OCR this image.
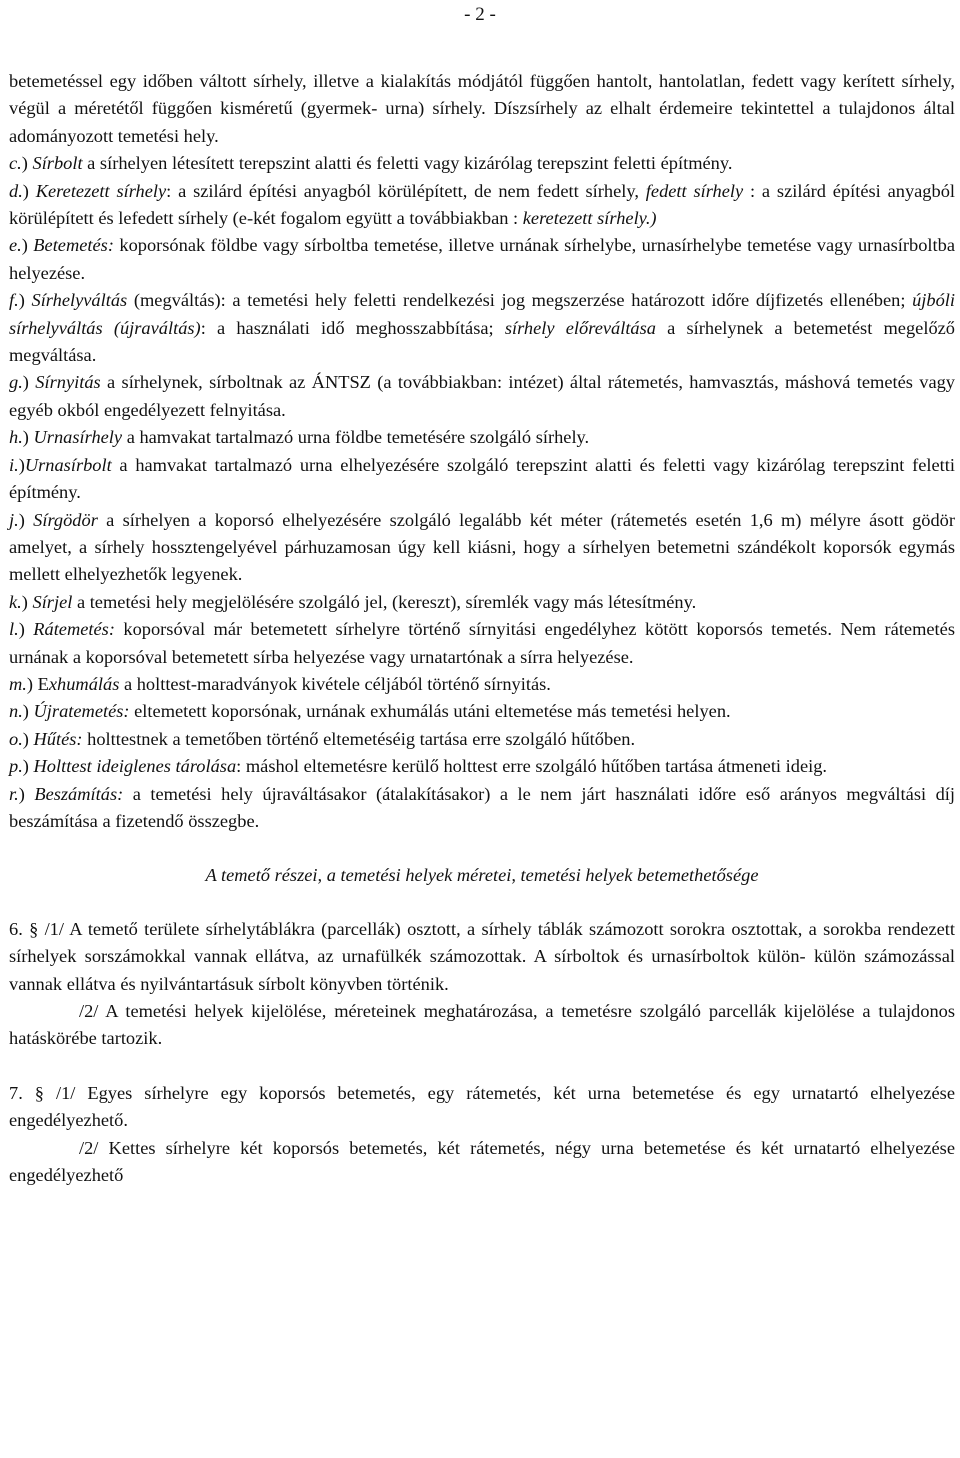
- 2 -

betemetéssel egy időben váltott sírhely, illetve a kialakítás módjától függően hantolt, hantolatlan, fedett vagy kerített sírhely, végül a méretétől függően kisméretű (gyermek- urna) sírhely. Díszsírhely az elhalt érdemeire tekintettel a tulajdonos által adományozott temetési hely.

c.) Sírbolt a sírhelyen létesített terepszint alatti és feletti vagy kizárólag terepszint feletti építmény.

d.) Keretezett sírhely: a szilárd építési anyagból körülépített, de nem fedett sírhely, fedett sírhely : a szilárd építési anyagból körülépített és lefedett sírhely (e-két fogalom együtt a továbbiakban : keretezett sírhely.)

e.) Betemetés: koporsónak földbe vagy sírboltba temetése, illetve urnának sírhelybe, urnasírhelybe temetése vagy urnasírboltba helyezése.

f.) Sírhelyváltás (megváltás): a temetési hely feletti rendelkezési jog megszerzése határozott időre díjfizetés ellenében; újbóli sírhelyváltás (újraváltás): a használati idő meghosszabbítása; sírhely előreváltása a sírhelynek a betemetést megelőző megváltása.

g.) Sírnyitás a sírhelynek, sírboltnak az ÁNTSZ (a továbbiakban: intézet) által rátemetés, hamvasztás, máshová temetés vagy egyéb okból engedélyezett felnyitása.

h.) Urnasírhely a hamvakat tartalmazó urna földbe temetésére szolgáló sírhely.

i.)Urnasírbolt a hamvakat tartalmazó urna elhelyezésére szolgáló terepszint alatti és feletti vagy kizárólag terepszint feletti építmény.

j.) Sírgödör a sírhelyen a koporsó elhelyezésére szolgáló legalább két méter (rátemetés esetén 1,6 m) mélyre ásott gödör amelyet, a sírhely hossztengelyével párhuzamosan úgy kell kiásni, hogy a sírhelyen betemetni szándékolt koporsók egymás mellett elhelyezhetők legyenek.

k.) Sírjel a temetési hely megjelölésére szolgáló jel, (kereszt), síremlék vagy más létesítmény.

l.) Rátemetés: koporsóval már betemetett sírhelyre történő sírnyitási engedélyhez kötött koporsós temetés. Nem rátemetés urnának a koporsóval betemetett sírba helyezése vagy urnatartónak a sírra helyezése.

m.) Exhumálás a holttest-maradványok kivétele céljából történő sírnyitás.

n.) Újratemetés: eltemetett koporsónak, urnának exhumálás utáni eltemetése más temetési helyen.

o.) Hűtés: holttestnek a temetőben történő eltemetéséig tartása erre szolgáló hűtőben.

p.) Holttest ideiglenes tárolása: máshol eltemetésre kerülő holttest erre szolgáló hűtőben tartása átmeneti ideig.

r.) Beszámítás: a temetési hely újraváltásakor (átalakításakor) a le nem járt használati időre eső arányos megváltási díj beszámítása a fizetendő összegbe.

A temető részei, a temetési helyek méretei, temetési helyek betemethetősége

6. § /1/ A temető területe sírhelytáblákra (parcellák) osztott, a sírhely táblák számozott sorokra osztottak, a sorokba rendezett sírhelyek sorszámokkal vannak ellátva, az urnafülkék számozottak. A sírboltok és urnasírboltok külön- külön számozással vannak ellátva és nyilvántartásuk sírbolt könyvben történik.

/2/ A temetési helyek kijelölése, méreteinek meghatározása, a temetésre szolgáló parcellák kijelölése a tulajdonos hatáskörébe tartozik.

7. § /1/ Egyes sírhelyre egy koporsós betemetés, egy rátemetés, két urna betemetése és egy urnatartó elhelyezése engedélyezhető.

/2/ Kettes sírhelyre két koporsós betemetés, két rátemetés, négy urna betemetése és két urnatartó elhelyezése engedélyezhető
